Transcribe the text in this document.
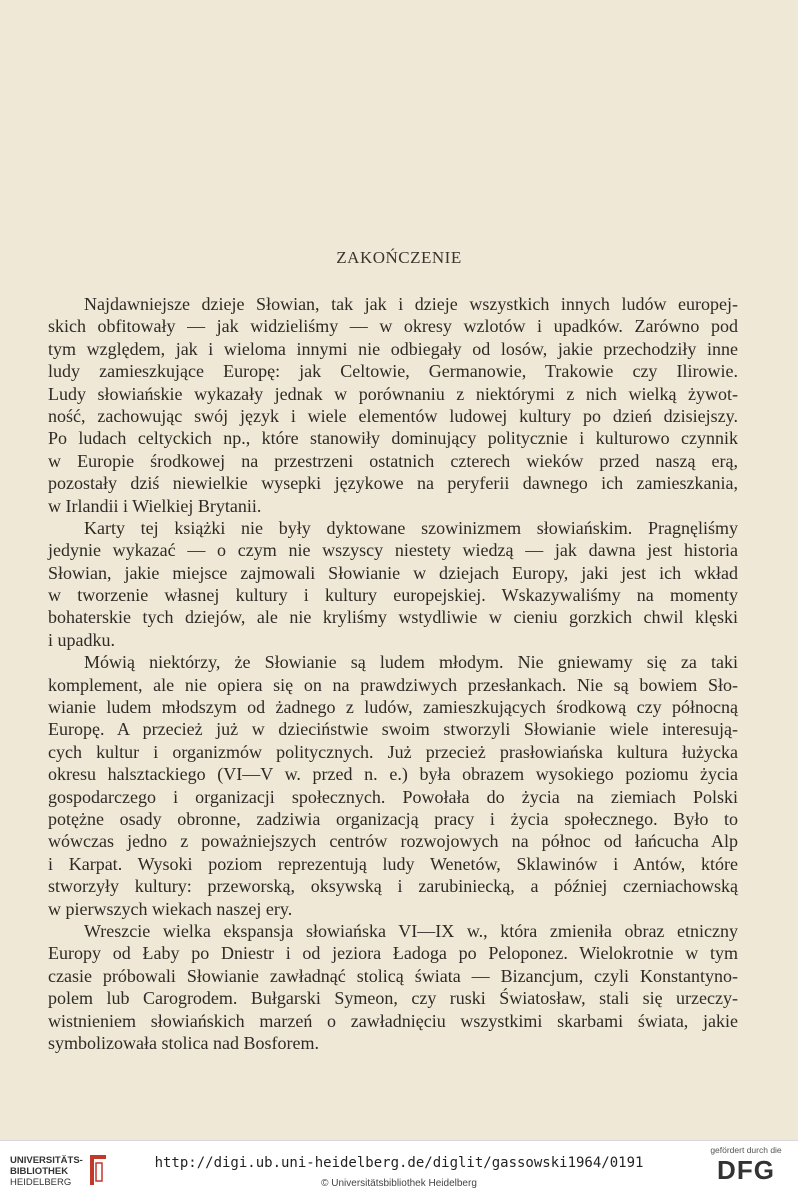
ZAKOŃCZENIE
Najdawniejsze dzieje Słowian, tak jak i dzieje wszystkich innych ludów europej-
skich obfitowały — jak widzieliśmy — w okresy wzlotów i upadków. Zarówno pod
tym względem, jak i wieloma innymi nie odbiegały od losów, jakie przechodziły inne
ludy zamieszkujące Europę: jak Celtowie, Germanowie, Trakowie czy Ilirowie.
Ludy słowiańskie wykazały jednak w porównaniu z niektórymi z nich wielką żywot-
ność, zachowując swój język i wiele elementów ludowej kultury po dzień dzisiejszy.
Po ludach celtyckich np., które stanowiły dominujący politycznie i kulturowo czynnik
w Europie środkowej na przestrzeni ostatnich czterech wieków przed naszą erą,
pozostały dziś niewielkie wysepki językowe na peryferii dawnego ich zamieszkania,
w Irlandii i Wielkiej Brytanii.
Karty tej książki nie były dyktowane szowinizmem słowiańskim. Pragnęliśmy
jedynie wykazać — o czym nie wszyscy niestety wiedzą — jak dawna jest historia
Słowian, jakie miejsce zajmowali Słowianie w dziejach Europy, jaki jest ich wkład
w tworzenie własnej kultury i kultury europejskiej. Wskazywaliśmy na momenty
bohaterskie tych dziejów, ale nie kryliśmy wstydliwie w cieniu gorzkich chwil klęski
i upadku.
Mówią niektórzy, że Słowianie są ludem młodym. Nie gniewamy się za taki
komplement, ale nie opiera się on na prawdziwych przesłankach. Nie są bowiem Sło-
wianie ludem młodszym od żadnego z ludów, zamieszkujących środkową czy północną
Europę. A przecież już w dzieciństwie swoim stworzyli Słowianie wiele interesują-
cych kultur i organizmów politycznych. Już przecież prasłowiańska kultura łużycka
okresu halsztackiego (VI—V w. przed n. e.) była obrazem wysokiego poziomu życia
gospodarczego i organizacji społecznych. Powołała do życia na ziemiach Polski
potężne osady obronne, zadziwia organizacją pracy i życia społecznego. Było to
wówczas jedno z poważniejszych centrów rozwojowych na północ od łańcucha Alp
i Karpat. Wysoki poziom reprezentują ludy Wenetów, Sklawinów i Antów, które
stworzyły kultury: przeworską, oksywską i zarubiniecką, a później czerniachowską
w pierwszych wiekach naszej ery.
Wreszcie wielka ekspansja słowiańska VI—IX w., która zmieniła obraz etniczny
Europy od Łaby po Dniestr i od jeziora Ładoga po Peloponez. Wielokrotnie w tym
czasie próbowali Słowianie zawładnąć stolicą świata — Bizancjum, czyli Konstantyno-
polem lub Carogrodem. Bułgarski Symeon, czy ruski Światosław, stali się urzeczy-
wistnieniem słowiańskich marzeń o zawładnięciu wszystkimi skarbami świata, jakie
symbolizowała stolica nad Bosforem.
UNIVERSITÄTS-
BIBLIOTHEK
HEIDELBERG
http://digi.ub.uni-heidelberg.de/diglit/gassowski1964/0191
© Universitätsbibliothek Heidelberg
gefördert durch die
DFG
